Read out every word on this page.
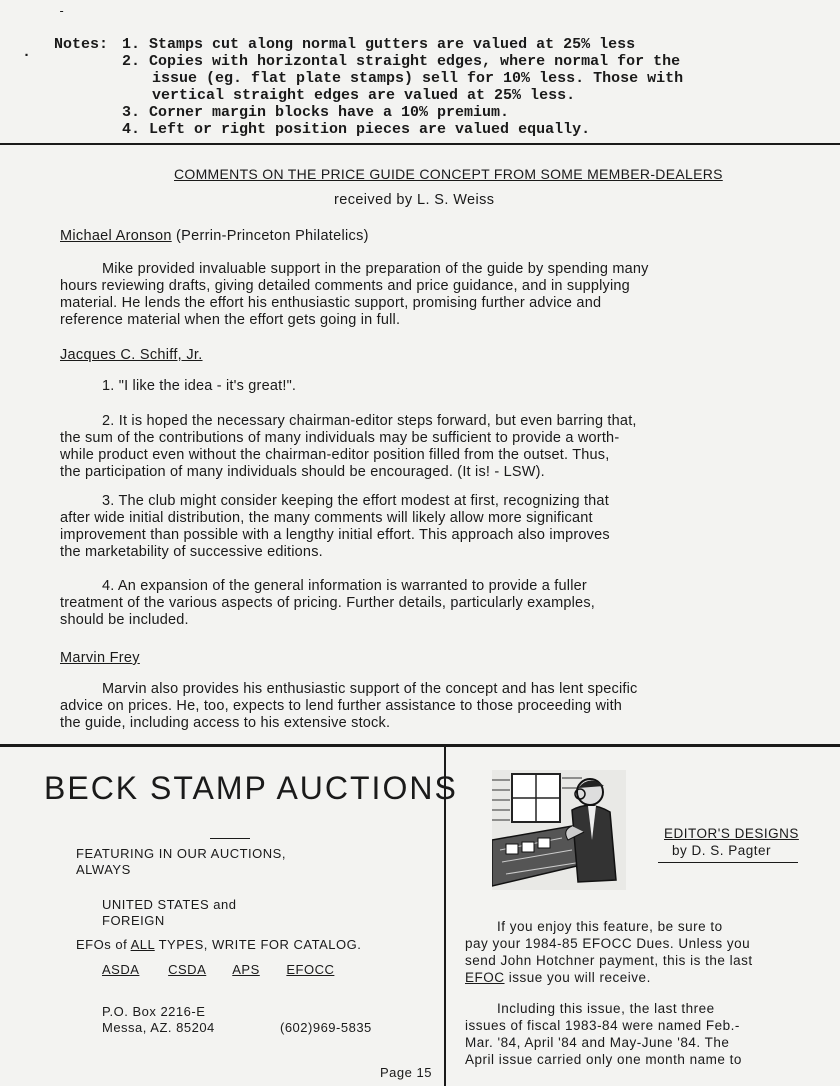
-
. Notes: 1. Stamps cut along normal gutters are valued at 25% less
2. Copies with horizontal straight edges, where normal for the
issue (eg. flat plate stamps) sell for 10% less. Those with
vertical straight edges are valued at 25% less.
3. Corner margin blocks have a 10% premium.
4. Left or right position pieces are valued equally.
COMMENTS ON THE PRICE GUIDE CONCEPT FROM SOME MEMBER-DEALERS
received by L. S. Weiss
Michael Aronson (Perrin-Princeton Philatelics)
Mike provided invaluable support in the preparation of the guide by spending many
hours reviewing drafts, giving detailed comments and price guidance, and in supplying
material. He lends the effort his enthusiastic support, promising further advice and
reference material when the effort gets going in full.
Jacques C. Schiff, Jr.
1. "I like the idea - it's great!".
2. It is hoped the necessary chairman-editor steps forward, but even barring that,
the sum of the contributions of many individuals may be sufficient to provide a worth-
while product even without the chairman-editor position filled from the outset. Thus,
the participation of many individuals should be encouraged. (It is! - LSW).
3. The club might consider keeping the effort modest at first, recognizing that
after wide initial distribution, the many comments will likely allow more significant
improvement than possible with a lengthy initial effort. This approach also improves
the marketability of successive editions.
4. An expansion of the general information is warranted to provide a fuller
treatment of the various aspects of pricing. Further details, particularly examples,
should be included.
Marvin Frey
Marvin also provides his enthusiastic support of the concept and has lent specific
advice on prices. He, too, expects to lend further assistance to those proceeding with
the guide, including access to his extensive stock.
BECK STAMP AUCTIONS
FEATURING IN OUR AUCTIONS,
ALWAYS
UNITED STATES and
FOREIGN
EFOs of ALL TYPES, WRITE FOR CATALOG.
ASDA CSDA APS EFOCC
P.O. Box 2216-E
Messa, AZ. 85204	(602)969-5835
Page 15
EDITOR'S DESIGNS
by D. S. Pagter
If you enjoy this feature, be sure to
pay your 1984-85 EFOCC Dues. Unless you
send John Hotchner payment, this is the last
EFOC issue you will receive.
Including this issue, the last three
issues of fiscal 1983-84 were named Feb.-
Mar. '84, April '84 and May-June '84. The
April issue carried only one month name to
